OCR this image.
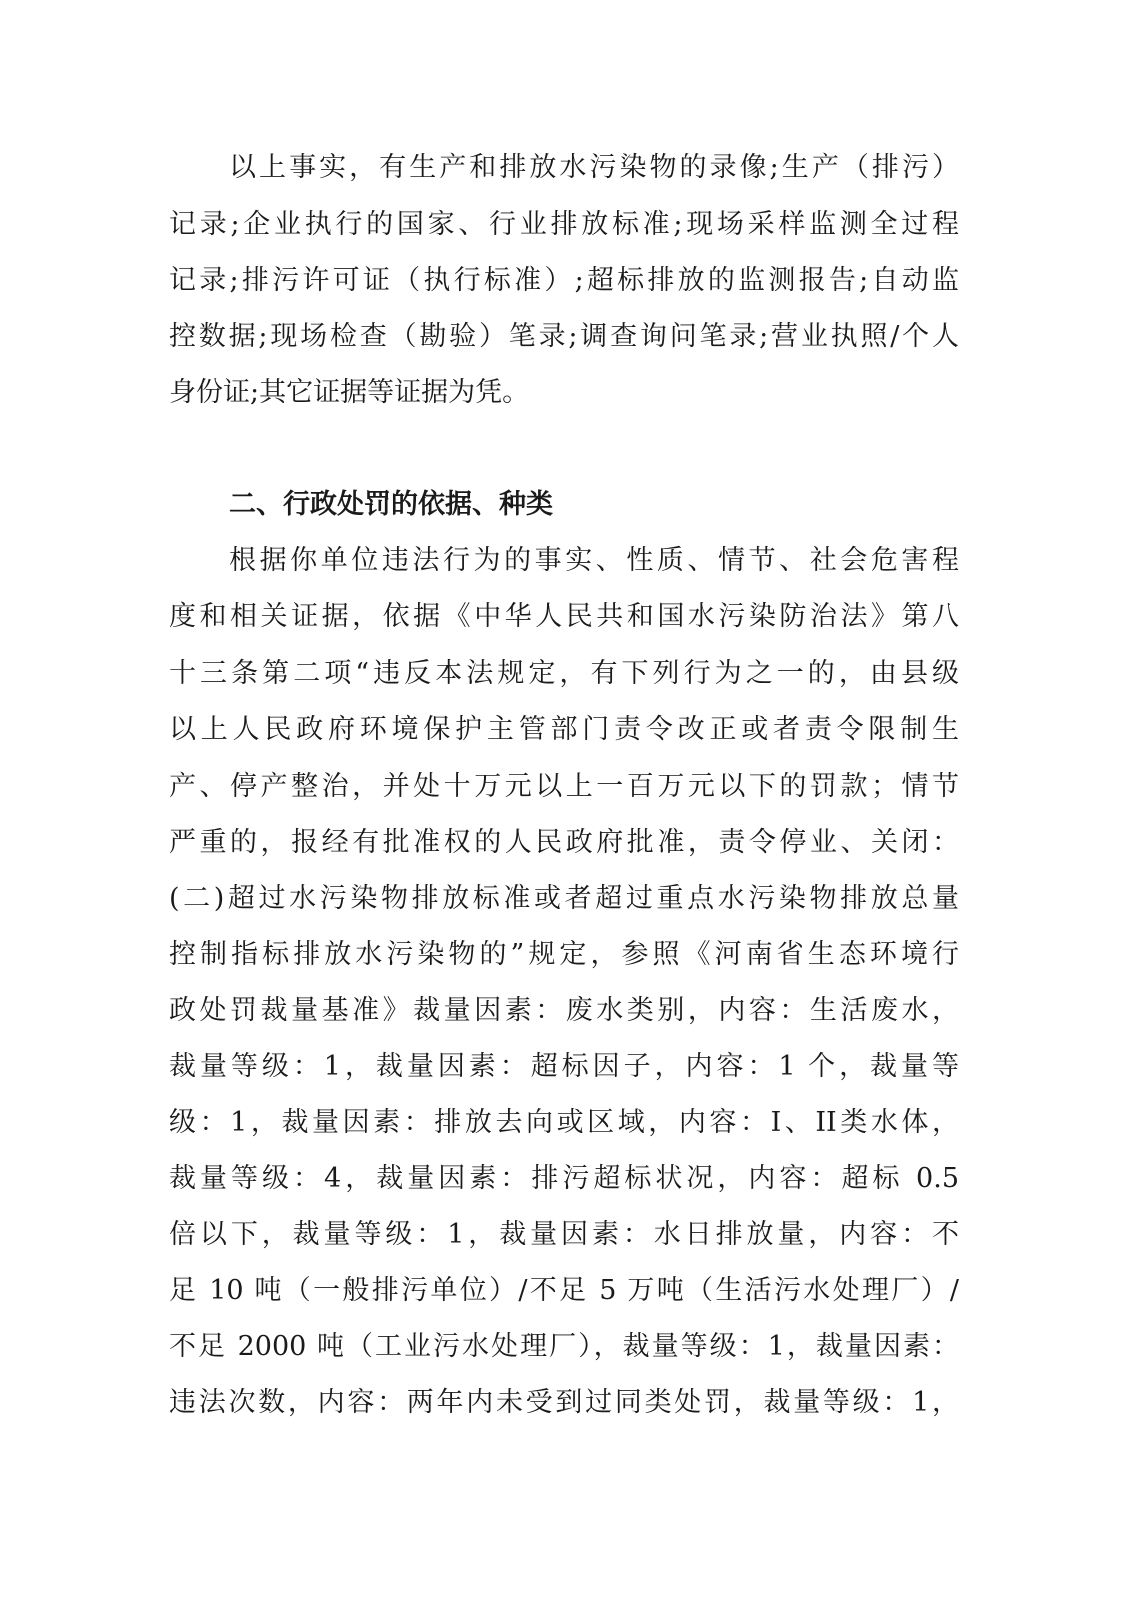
以上事实，有生产和排放水污染物的录像;生产（排污）
记录;企业执行的国家、行业排放标准;现场采样监测全过程
记录;排污许可证（执行标准）;超标排放的监测报告;自动监
控数据;现场检查（勘验）笔录;调查询问笔录;营业执照/个人
身份证;其它证据等证据为凭。
二、行政处罚的依据、种类
根据你单位违法行为的事实、性质、情节、社会危害程
度和相关证据，依据《中华人民共和国水污染防治法》第八
十三条第二项“违反本法规定，有下列行为之一的，由县级
以上人民政府环境保护主管部门责令改正或者责令限制生
产、停产整治，并处十万元以上一百万元以下的罚款；情节
严重的，报经有批准权的人民政府批准，责令停业、关闭：
(二)超过水污染物排放标准或者超过重点水污染物排放总量
控制指标排放水污染物的”规定，参照《河南省生态环境行
政处罚裁量基准》裁量因素：废水类别，内容：生活废水，
裁量等级：1，裁量因素：超标因子，内容：1 个，裁量等
级：1，裁量因素：排放去向或区域，内容：I、II类水体，
裁量等级：4，裁量因素：排污超标状况，内容：超标 0.5
倍以下，裁量等级：1，裁量因素：水日排放量，内容：不
足 10 吨（一般排污单位）/不足 5 万吨（生活污水处理厂）/
不足 2000 吨（工业污水处理厂），裁量等级：1，裁量因素：
违法次数，内容：两年内未受到过同类处罚，裁量等级：1，
